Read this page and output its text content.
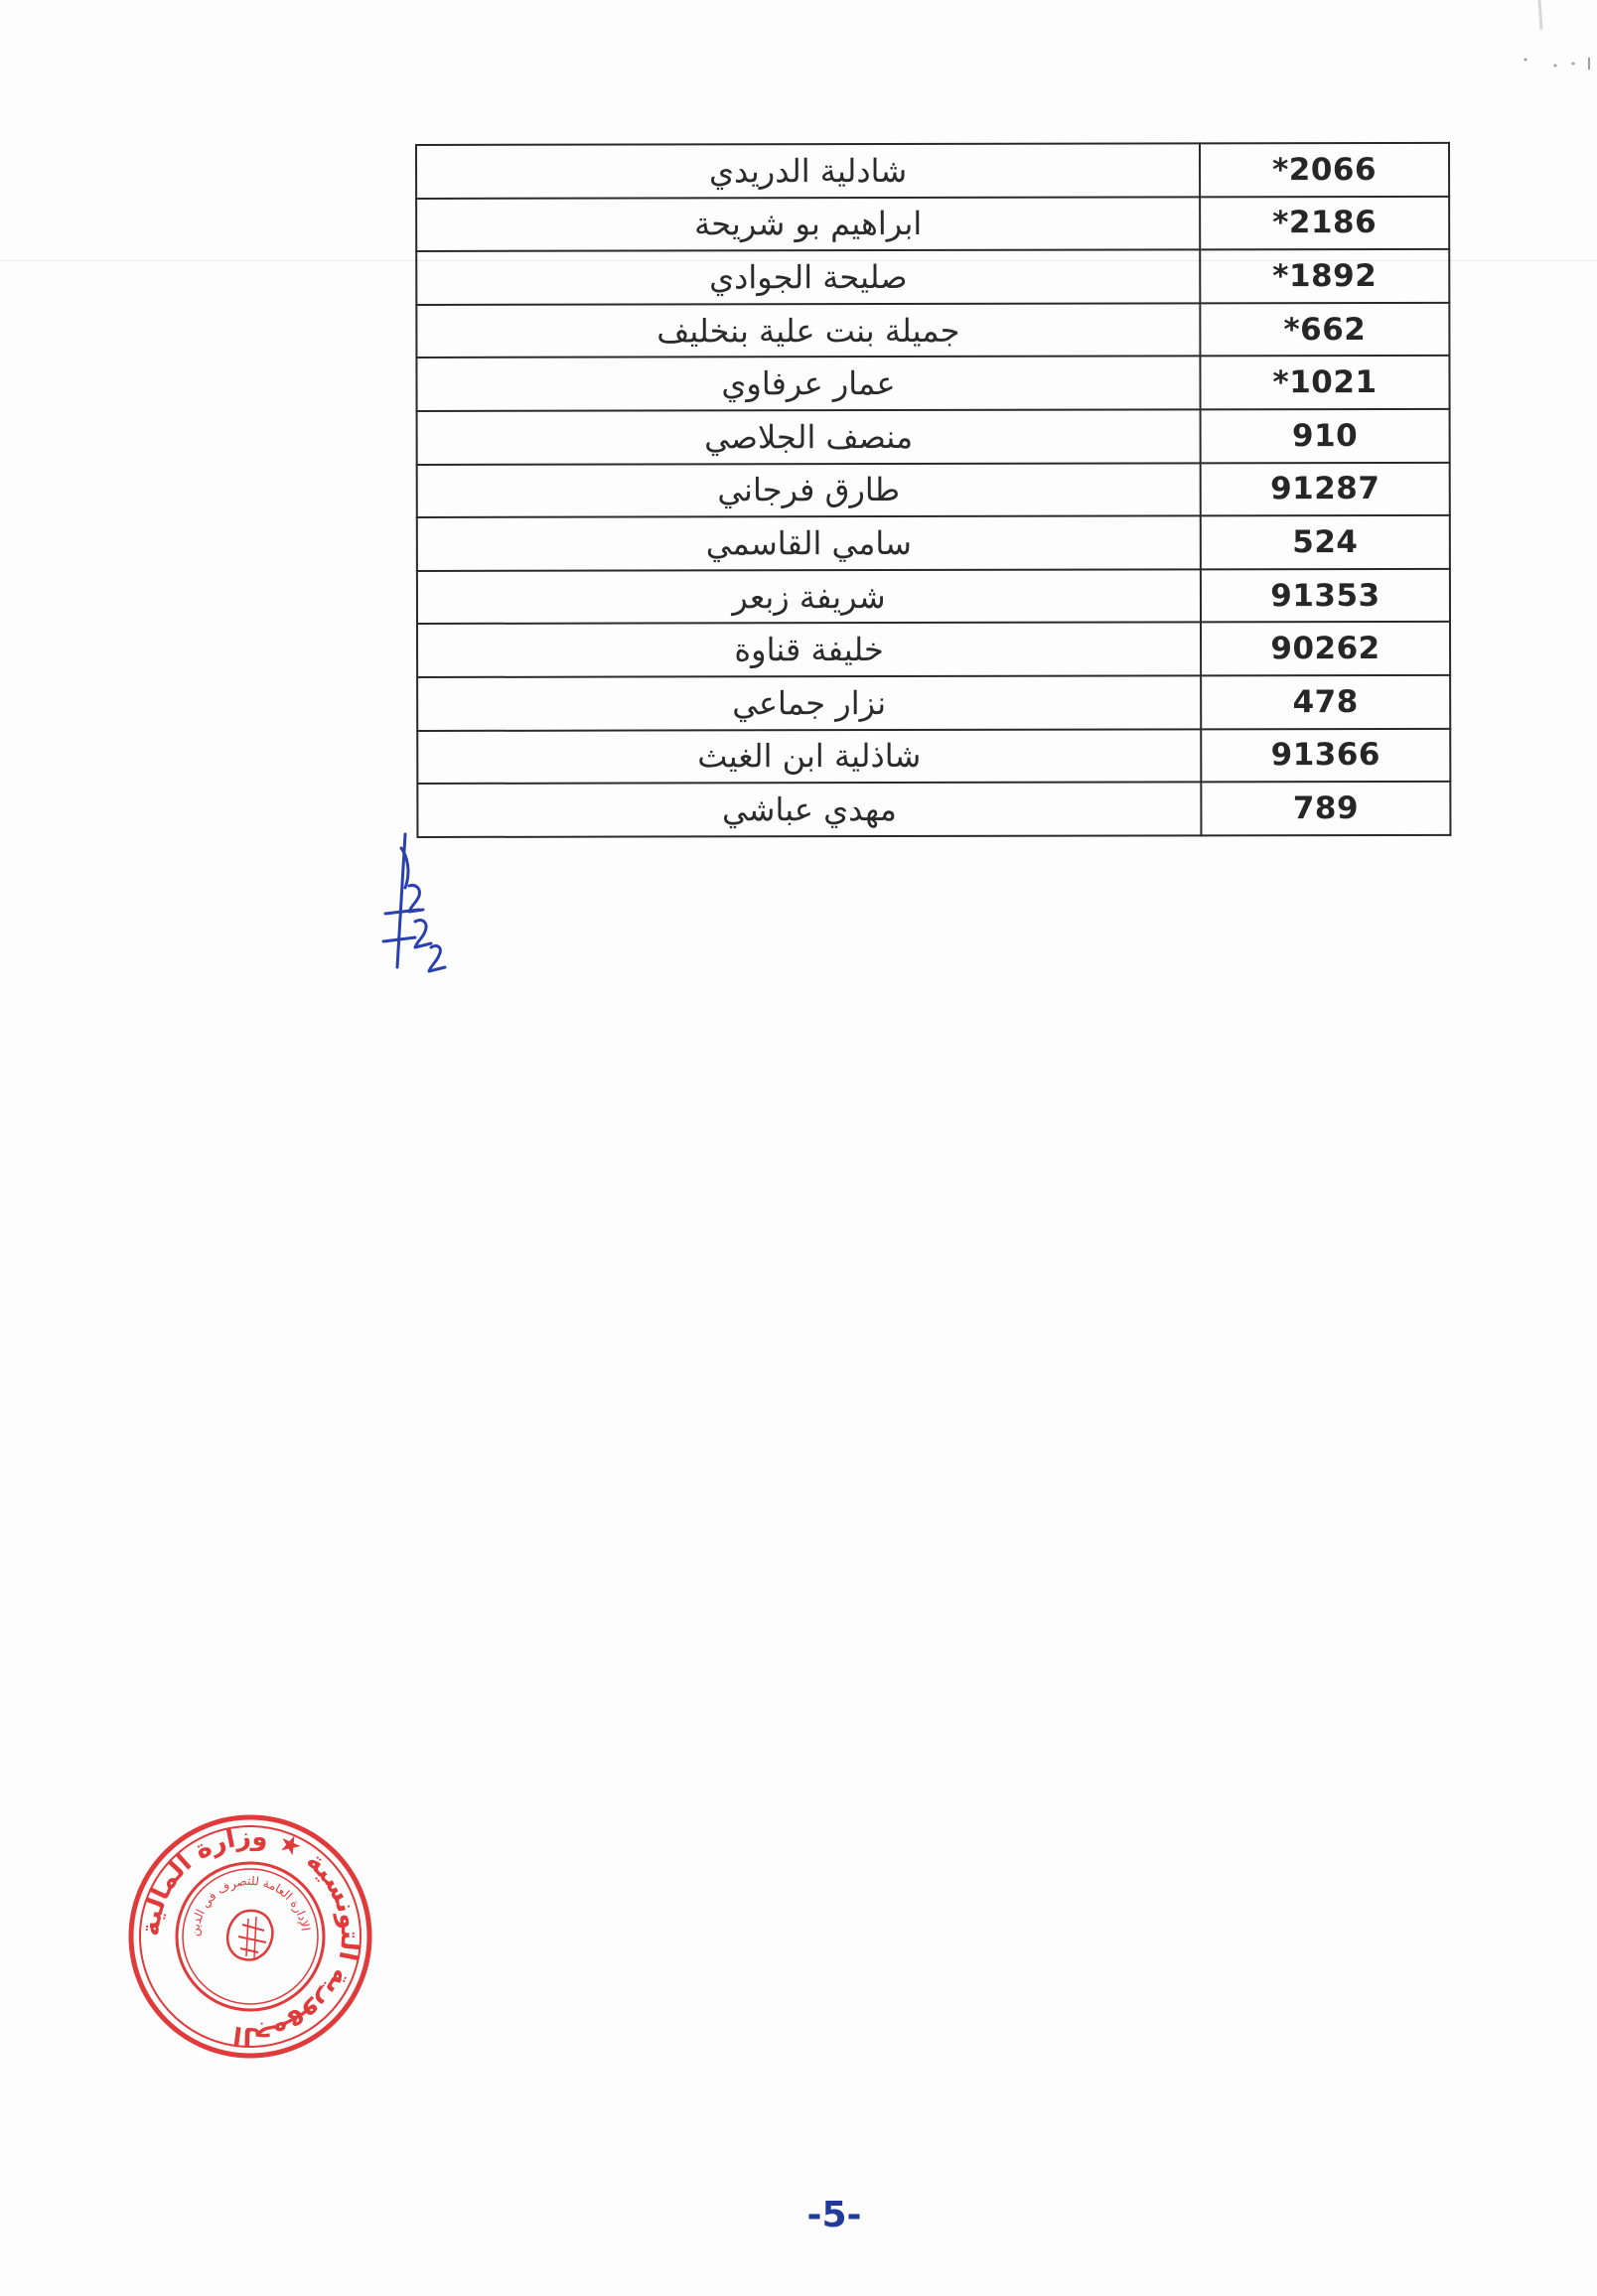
شادلية الدريدي	*2066
ابراهيم بو شريحة	*2186
صليحة الجوادي	*1892
جميلة بنت علية بنخليف	*662
عمار عرفاوي	*1021
منصف الجلاصي	910
طارق فرجاني	91287
سامي القاسمي	524
شريفة زبعر	91353
خليفة قناوة	90262
نزار جماعي	478
شاذلية ابن الغيث	91366
مهدي عباشي	789
الجمهورية التونسية ★ وزارة المالية
الإدارة العامة للتصرف في الدين
-5-
